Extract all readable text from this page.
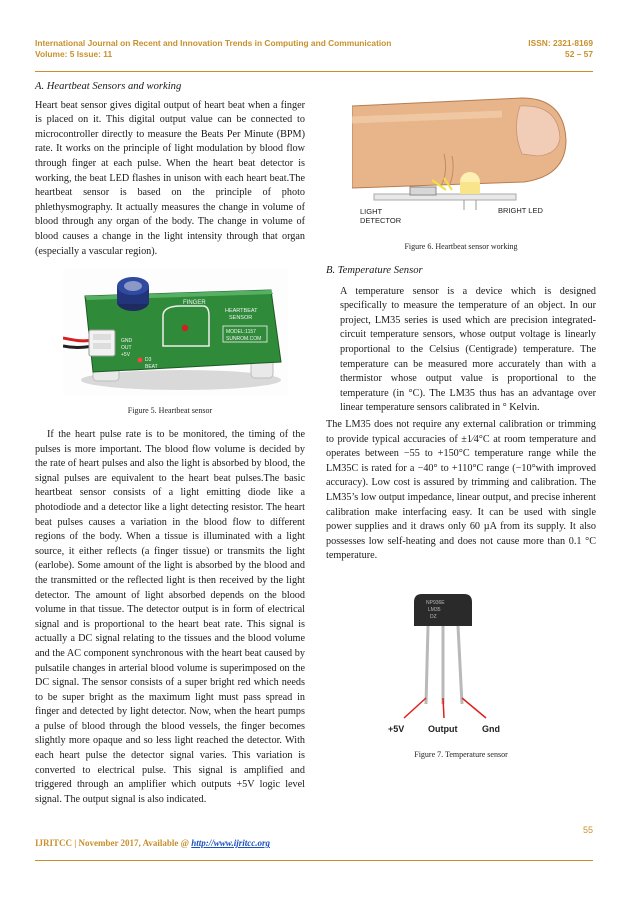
International Journal on Recent and Innovation Trends in Computing and Communication
Volume: 5 Issue: 11
ISSN: 2321-8169
52 – 57

A. Heartbeat Sensors and working

Heart beat sensor gives digital output of heart beat when a finger is placed on it. This digital output value can be connected to microcontroller directly to measure the Beats Per Minute (BPM) rate. It works on the principle of light modulation by blood flow through finger at each pulse. When the heart beat detector is working, the beat LED flashes in unison with each heart beat.The heartbeat sensor is based on the principle of photo phlethysmography. It actually measures the change in volume of blood through any organ of the body. The change in volume of blood causes a change in the light intensity through that organ (especially a vascular region).

FINGER
HEARTBEAT
SENSOR
MODEL:1157
SUNROM.COM
GND
OUT
+5V
D3
BEAT
Figure 5. Heartbeat sensor

If the heart pulse rate is to be monitored, the timing of the pulses is more important. The blood flow volume is decided by the rate of heart pulses and also the light is absorbed by blood, the signal pulses are equivalent to the heart beat pulses.The basic heartbeat sensor consists of a light emitting diode like a photodiode and a detector like a light detecting resistor. The heart beat pulses causes a variation in the blood flow to different regions of the body. When a tissue is illuminated with a light source, it either reflects (a finger tissue) or transmits the light (earlobe). Some amount of the light is absorbed by the blood and the transmitted or the reflected light is then received by the light detector. The amount of light absorbed depends on the blood volume in that tissue. The detector output is in form of electrical signal and is proportional to the heart beat rate. This signal is actually a DC signal relating to the tissues and the blood volume and the AC component synchronous with the heart beat caused by pulsatile changes in arterial blood volume is superimposed on the DC signal. The sensor consists of a super bright red which needs to be super bright as the maximum light must pass spread in finger and detected by light detector. Now, when the heart pumps a pulse of blood through the blood vessels, the finger becomes slightly more opaque and so less light reached the detector. With each heart pulse the detector signal varies. This variation is converted to electrical pulse. This signal is amplified and triggered through an amplifier which outputs +5V logic level signal. The output signal is also indicated.

LIGHT
DETECTOR
BRIGHT LED
Figure 6. Heartbeat sensor working

B. Temperature Sensor

A temperature sensor is a device which is designed specifically to measure the temperature of an object. In our project, LM35 series is used which are precision integrated-circuit temperature sensors, whose output voltage is linearly proportional to the Celsius (Centigrade) temperature. The temperature can be measured more accurately than with a thermistor whose output value is proportional to the temperature (in °C). The LM35 thus has an advantage over linear temperature sensors calibrated in ° Kelvin.

The LM35 does not require any external calibration or trimming to provide typical accuracies of ±1⁄4°C at room temperature and operates between −55 to +150°C temperature range while the LM35C is rated for a −40° to +110°C range (−10°with improved accuracy). Low cost is assured by trimming and calibration. The LM35’s low output impedance, linear output, and precise inherent calibration make interfacing easy. It can be used with single power supplies and it draws only 60 µA from its supply. It also possesses low self-heating and does not cause more than 0.1 °C temperature.

NP936E
LM35
DZ
+5V	Output	Gnd
Figure 7. Temperature sensor
55
IJRITCC | November 2017, Available @ http://www.ijritcc.org
